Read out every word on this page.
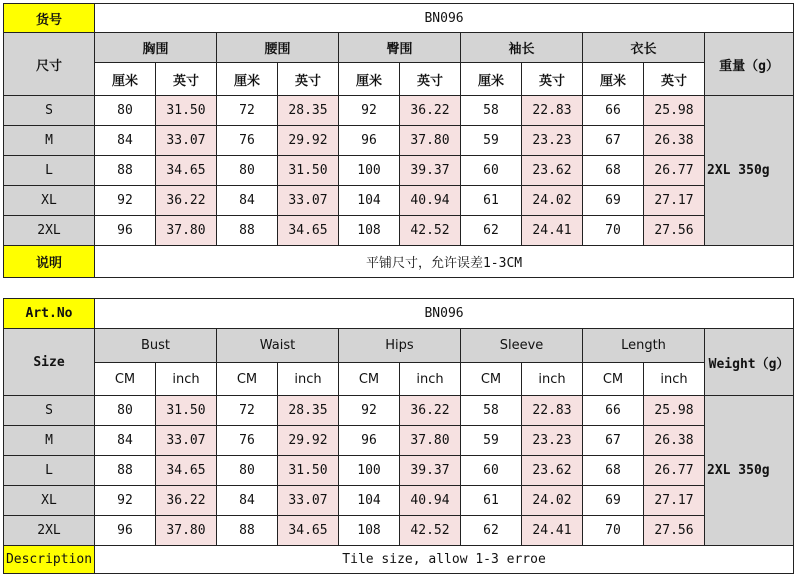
货号	BN096										
尺寸	胸围		腰围		臀围		袖长		衣长		重量（g）
	厘米	英寸	厘米	英寸	厘米	英寸	厘米	英寸	厘米	英寸	
S	80	31.50	72	28.35	92	36.22	58	22.83	66	25.98	2XL 350g
M	84	33.07	76	29.92	96	37.80	59	23.23	67	26.38	
L	88	34.65	80	31.50	100	39.37	60	23.62	68	26.77	
XL	92	36.22	84	33.07	104	40.94	61	24.02	69	27.17	
2XL	96	37.80	88	34.65	108	42.52	62	24.41	70	27.56	
说明	平铺尺寸，允许误差1-3CM										
Art.No	BN096										
Size	Bust		Waist		Hips		Sleeve		Length		Weight（g）
	CM	inch	CM	inch	CM	inch	CM	inch	CM	inch	
S	80	31.50	72	28.35	92	36.22	58	22.83	66	25.98	2XL 350g
M	84	33.07	76	29.92	96	37.80	59	23.23	67	26.38	
L	88	34.65	80	31.50	100	39.37	60	23.62	68	26.77	
XL	92	36.22	84	33.07	104	40.94	61	24.02	69	27.17	
2XL	96	37.80	88	34.65	108	42.52	62	24.41	70	27.56	
Description	Tile size, allow 1-3 erroe										
